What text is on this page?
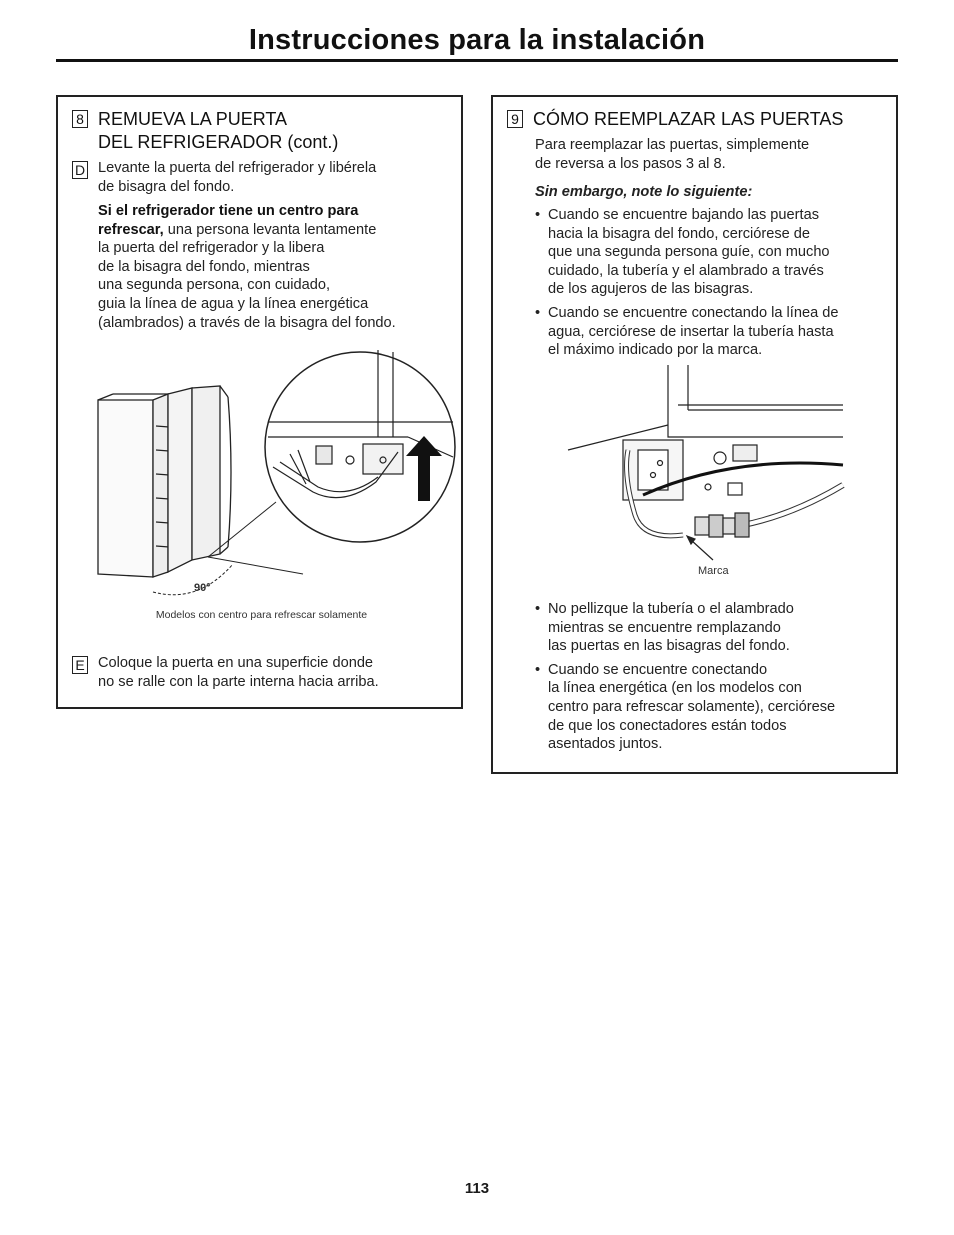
Instrucciones para la instalación
8 REMUEVA LA PUERTA
DEL REFRIGERADOR (cont.)
D Levante la puerta del refrigerador y libérela
de bisagra del fondo.
Si el refrigerador tiene un centro para
refrescar, una persona levanta lentamente
la puerta del refrigerador y la libera
de la bisagra del fondo, mientras
una segunda persona, con cuidado,
guia la línea de agua y la línea energética
(alambrados) a través de la bisagra del fondo.
90°
Modelos con centro para refrescar solamente
E Coloque la puerta en una superficie donde
no se ralle con la parte interna hacia arriba.
9 CÓMO REEMPLAZAR LAS PUERTAS
Para reemplazar las puertas, simplemente
de reversa a los pasos 3 al 8.
Sin embargo, note lo siguiente:
• Cuando se encuentre bajando las puertas
hacia la bisagra del fondo, cerciórese de
que una segunda persona guíe, con mucho
cuidado, la tubería y el alambrado a través
de los agujeros de las bisagras.
• Cuando se encuentre conectando la línea de
agua, cerciórese de insertar la tubería hasta
el máximo indicado por la marca.
Marca
• No pellizque la tubería o el alambrado
mientras se encuentre remplazando
las puertas en las bisagras del fondo.
• Cuando se encuentre conectando
la línea energética (en los modelos con
centro para refrescar solamente), cerciórese
de que los conectadores están todos
asentados juntos.
113
